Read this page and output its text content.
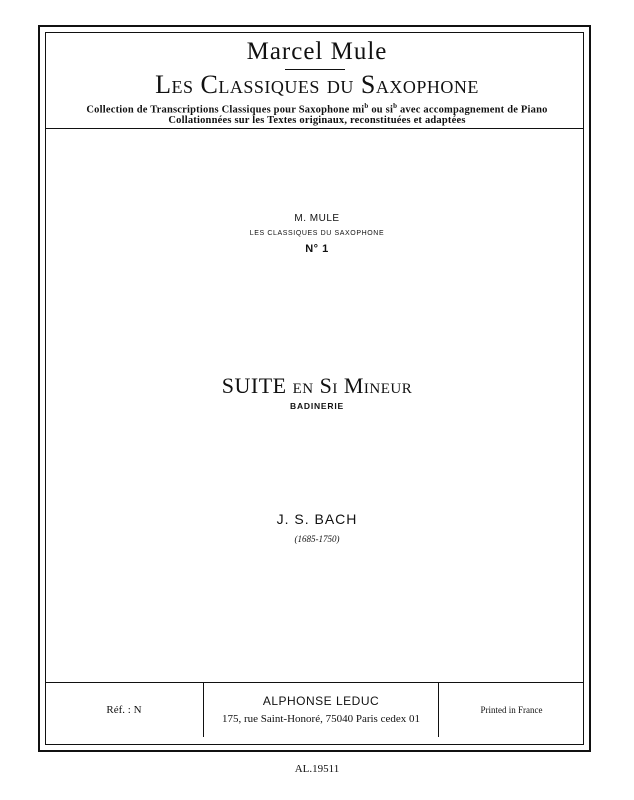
Marcel Mule
Les Classiques du Saxophone
Collection de Transcriptions Classiques pour Saxophone $mi^b$ ou $si^b$ avec accompagnement de Piano
Collationnées sur les Textes originaux, reconstituées et adaptées
M. MULE
LES CLASSIQUES DU SAXOPHONE
N° 1
SUITE en Si Mineur
BADINERIE
J. S. BACH
(1685-1750)
Réf. : N
ALPHONSE LEDUC
175, rue Saint-Honoré, 75040 Paris cedex 01
Printed in France
AL.19511
